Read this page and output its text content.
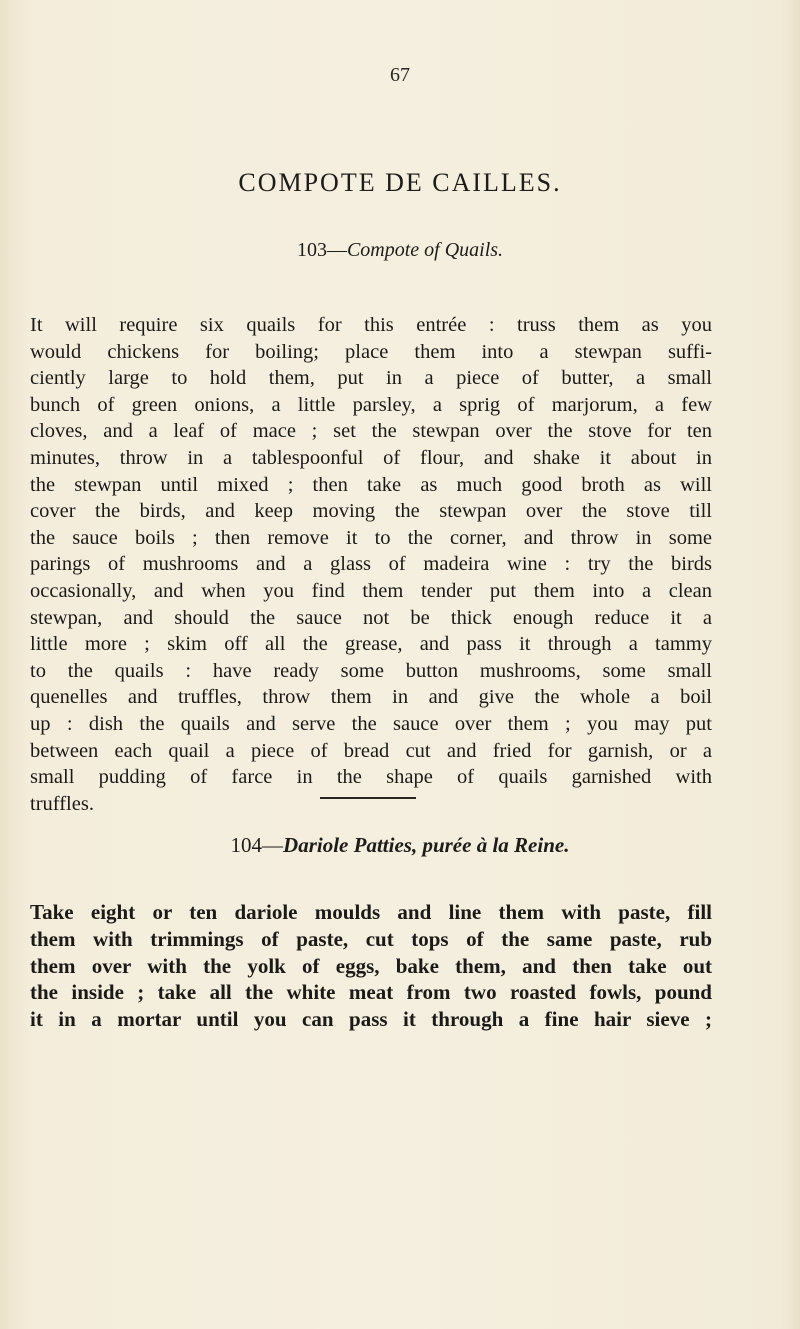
67
COMPOTE DE CAILLES.
103—Compote of Quails.
It will require six quails for this entrée : truss them as you
would chickens for boiling; place them into a stewpan suffi-
ciently large to hold them, put in a piece of butter, a small
bunch of green onions, a little parsley, a sprig of marjorum, a few
cloves, and a leaf of mace ; set the stewpan over the stove for ten
minutes, throw in a tablespoonful of flour, and shake it about in
the stewpan until mixed ; then take as much good broth as will
cover the birds, and keep moving the stewpan over the stove till
the sauce boils ; then remove it to the corner, and throw in some
parings of mushrooms and a glass of madeira wine : try the birds
occasionally, and when you find them tender put them into a clean
stewpan, and should the sauce not be thick enough reduce it a
little more ; skim off all the grease, and pass it through a tammy
to the quails : have ready some button mushrooms, some small
quenelles and truffles, throw them in and give the whole a boil
up : dish the quails and serve the sauce over them ; you may put
between each quail a piece of bread cut and fried for garnish, or a
small pudding of farce in the shape of quails garnished with
truffles.
104—Dariole Patties, purée à la Reine.
Take eight or ten dariole moulds and line them with paste, fill
them with trimmings of paste, cut tops of the same paste, rub
them over with the yolk of eggs, bake them, and then take out
the inside ; take all the white meat from two roasted fowls, pound
it in a mortar until you can pass it through a fine hair sieve ;
